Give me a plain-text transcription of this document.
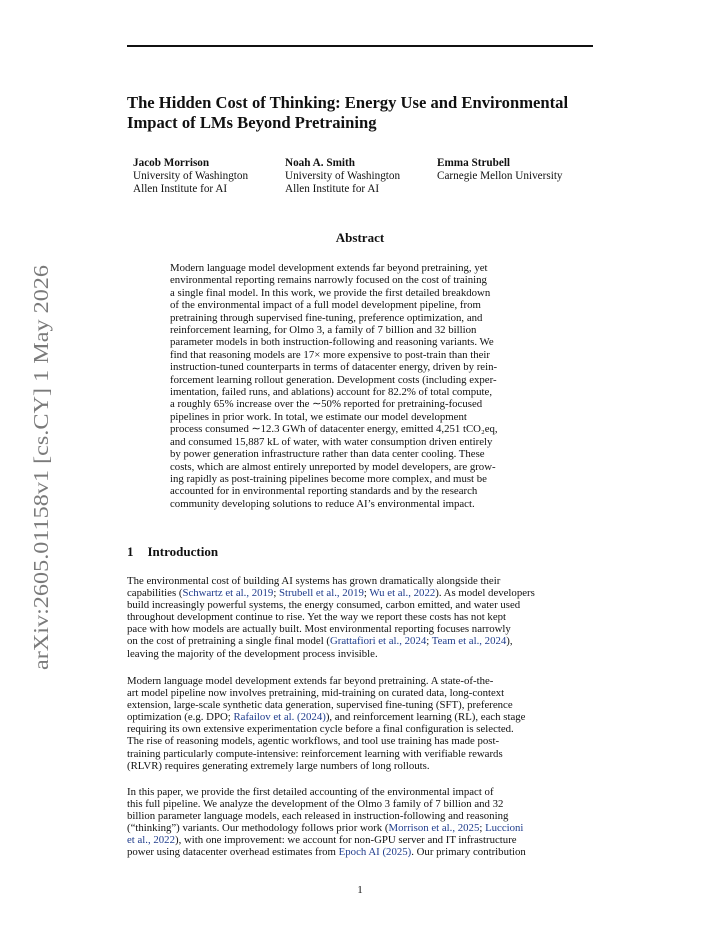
arXiv:2605.01158v1 [cs.CY] 1 May 2026
The Hidden Cost of Thinking: Energy Use and Environmental
Impact of LMs Beyond Pretraining
Jacob Morrison
University of Washington
Allen Institute for AI
Noah A. Smith
University of Washington
Allen Institute for AI
Emma Strubell
Carnegie Mellon University
Abstract
Modern language model development extends far beyond pretraining, yet
environmental reporting remains narrowly focused on the cost of training
a single final model. In this work, we provide the first detailed breakdown
of the environmental impact of a full model development pipeline, from
pretraining through supervised fine-tuning, preference optimization, and
reinforcement learning, for Olmo 3, a family of 7 billion and 32 billion
parameter models in both instruction-following and reasoning variants. We
find that reasoning models are 17× more expensive to post-train than their
instruction-tuned counterparts in terms of datacenter energy, driven by rein-
forcement learning rollout generation. Development costs (including exper-
imentation, failed runs, and ablations) account for 82.2% of total compute,
a roughly 65% increase over the ∼50% reported for pretraining-focused
pipelines in prior work. In total, we estimate our model development
process consumed ∼12.3 GWh of datacenter energy, emitted 4,251 tCO₂eq,
and consumed 15,887 kL of water, with water consumption driven entirely
by power generation infrastructure rather than data center cooling. These
costs, which are almost entirely unreported by model developers, are grow-
ing rapidly as post-training pipelines become more complex, and must be
accounted for in environmental reporting standards and by the research
community developing solutions to reduce AI’s environmental impact.
1 Introduction
The environmental cost of building AI systems has grown dramatically alongside their
capabilities (Schwartz et al., 2019; Strubell et al., 2019; Wu et al., 2022). As model developers
build increasingly powerful systems, the energy consumed, carbon emitted, and water used
throughout development continue to rise. Yet the way we report these costs has not kept
pace with how models are actually built. Most environmental reporting focuses narrowly
on the cost of pretraining a single final model (Grattafiori et al., 2024; Team et al., 2024),
leaving the majority of the development process invisible.
Modern language model development extends far beyond pretraining. A state-of-the-
art model pipeline now involves pretraining, mid-training on curated data, long-context
extension, large-scale synthetic data generation, supervised fine-tuning (SFT), preference
optimization (e.g. DPO; Rafailov et al. (2024)), and reinforcement learning (RL), each stage
requiring its own extensive experimentation cycle before a final configuration is selected.
The rise of reasoning models, agentic workflows, and tool use training has made post-
training particularly compute-intensive: reinforcement learning with verifiable rewards
(RLVR) requires generating extremely large numbers of long rollouts.
In this paper, we provide the first detailed accounting of the environmental impact of
this full pipeline. We analyze the development of the Olmo 3 family of 7 billion and 32
billion parameter language models, each released in instruction-following and reasoning
(“thinking”) variants. Our methodology follows prior work (Morrison et al., 2025; Luccioni
et al., 2022), with one improvement: we account for non-GPU server and IT infrastructure
power using datacenter overhead estimates from Epoch AI (2025). Our primary contribution
1
